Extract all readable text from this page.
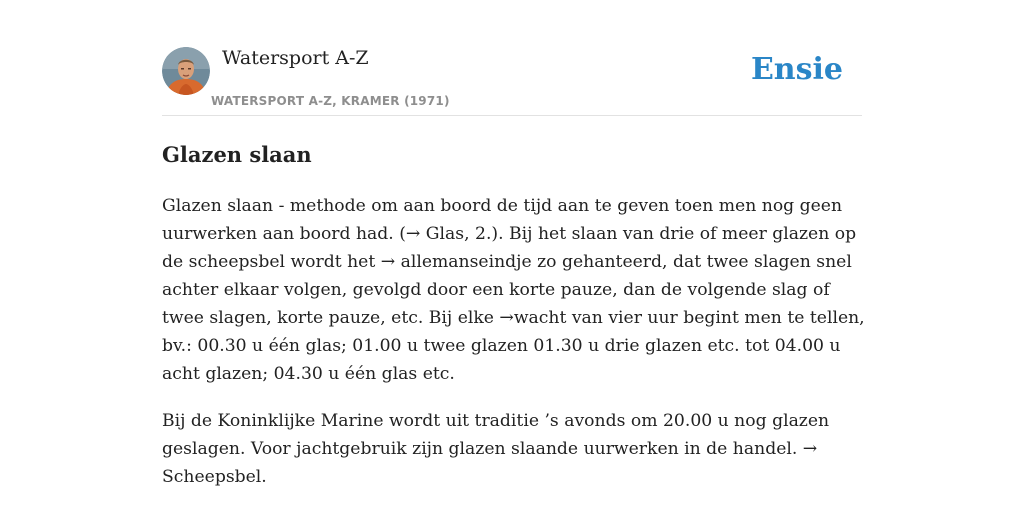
Watersport A-Z
WATERSPORT A-Z, KRAMER (1971)
Ensie
Glazen slaan

Glazen slaan - methode om aan boord de tijd aan te geven toen men nog geen uurwerken aan boord had. (→ Glas, 2.). Bij het slaan van drie of meer glazen op de scheepsbel wordt het → allemanseindje zo gehanteerd, dat twee slagen snel achter elkaar volgen, gevolgd door een korte pauze, dan de volgende slag of twee slagen, korte pauze, etc. Bij elke →wacht van vier uur begint men te tellen, bv.: 00.30 u één glas; 01.00 u twee glazen 01.30 u drie glazen etc. tot 04.00 u acht glazen; 04.30 u één glas etc.

Bij de Koninklijke Marine wordt uit traditie ’s avonds om 20.00 u nog glazen geslagen. Voor jachtgebruik zijn glazen slaande uurwerken in de handel. → Scheepsbel.
